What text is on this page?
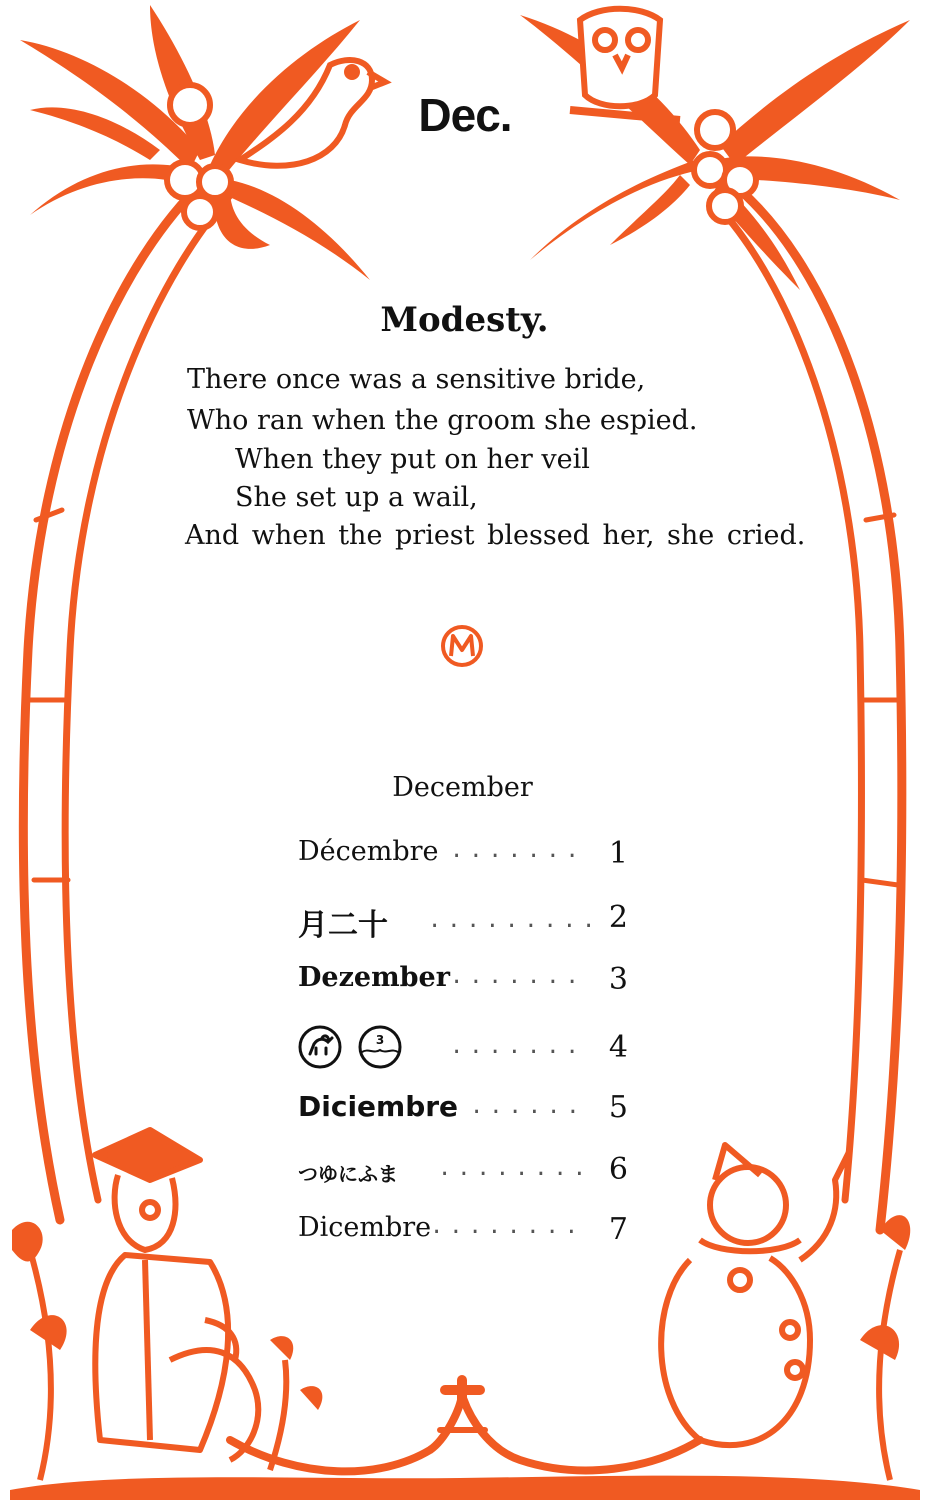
Dec.
Modesty.

There once was a sensitive bride,

Who ran when the groom she espied.

When they put on her veil

She set up a wail,

And when the priest blessed her, she cried.

December
Décembre ....... 1
月二十 ......... 2
Dezember ....... 3
3	....... 4
Diciembre ...... 5
つゆにふま ........ 6
Dicembre
........ 7
